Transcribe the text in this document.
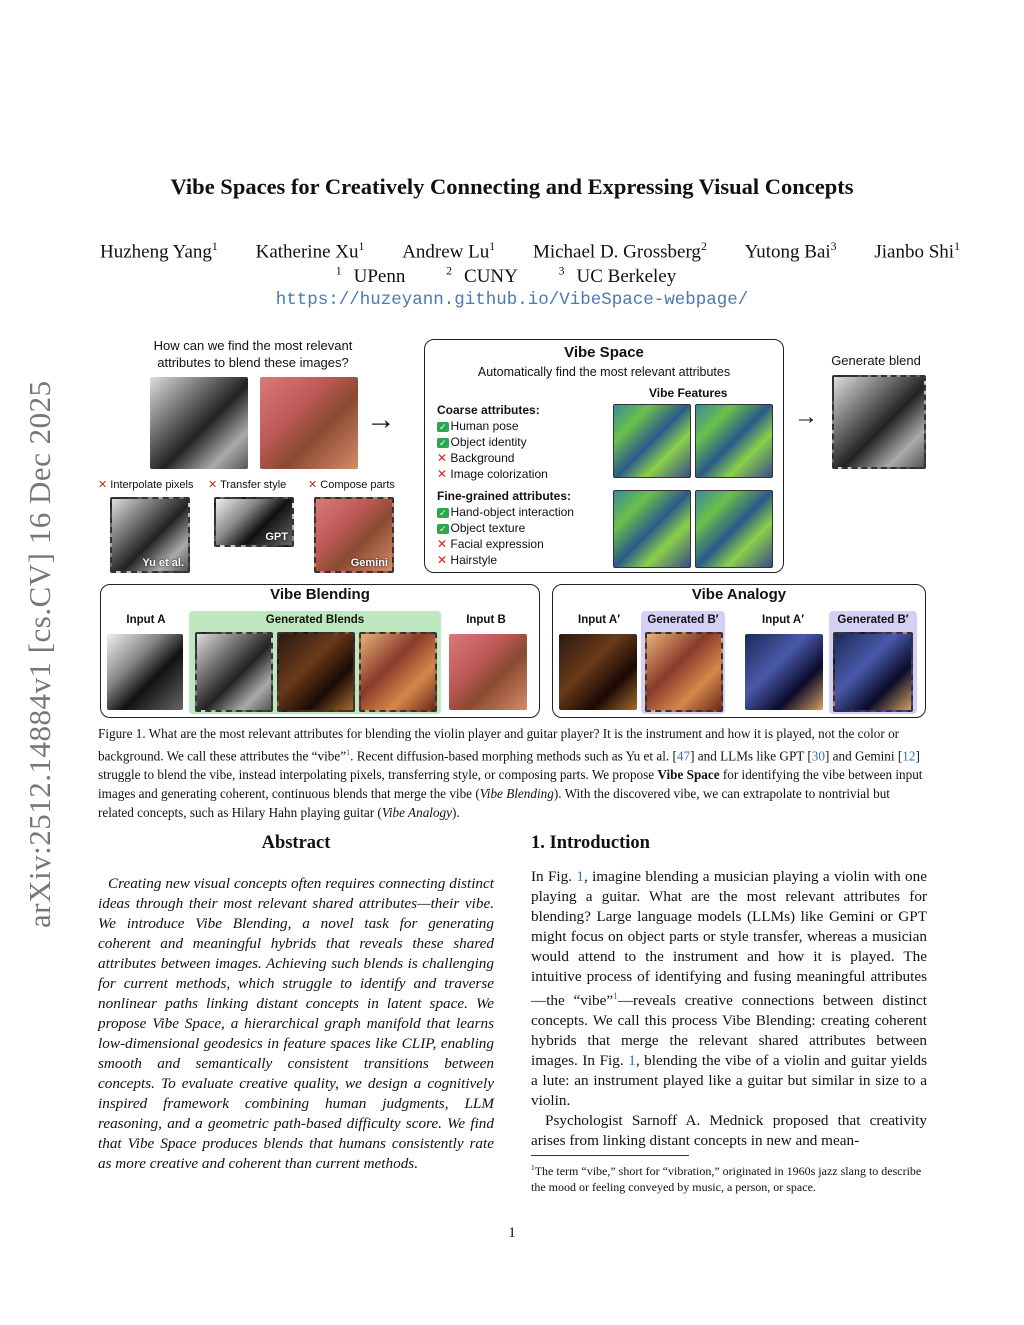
arXiv:2512.14884v1 [cs.CV] 16 Dec 2025
Vibe Spaces for Creatively Connecting and Expressing Visual Concepts
Huzheng Yang$^1$ Katherine Xu$^1$ Andrew Lu$^1$ Michael D. Grossberg$^2$ Yutong Bai$^3$ Jianbo Shi$^1$
$^1$ UPenn	$^2$ CUNY	$^3$ UC Berkeley
https://huzeyann.github.io/VibeSpace-webpage/
How can we find the most relevant attributes to blend these images?
→
✕ Interpolate pixels ✕ Transfer style ✕ Compose parts
Yu et al.
GPT
Gemini
Vibe Space
Automatically find the most relevant attributes
Vibe Features
Coarse attributes:
✓ Human pose
✓ Object identity
✕ Background
✕ Image colorization
Fine-grained attributes:
✓ Hand-object interaction
✓ Object texture
✕ Facial expression
✕ Hairstyle
→
Generate blend
Vibe Blending
Input A	Generated Blends	Input B
Vibe Analogy
Input A′	Generated B′	Input A′	Generated B′
Figure 1. What are the most relevant attributes for blending the violin player and guitar player? It is the instrument and how it is played, not the color or background. We call these attributes the “vibe”$^1$. Recent diffusion-based morphing methods such as Yu et al. [47] and LLMs like GPT [30] and Gemini [12] struggle to blend the vibe, instead interpolating pixels, transferring style, or composing parts. We propose Vibe Space for identifying the vibe between input images and generating coherent, continuous blends that merge the vibe (Vibe Blending). With the discovered vibe, we can extrapolate to nontrivial but related concepts, such as Hilary Hahn playing guitar (Vibe Analogy).
Abstract
Creating new visual concepts often requires connecting distinct ideas through their most relevant shared attributes—their vibe. We introduce Vibe Blending, a novel task for generating coherent and meaningful hybrids that reveals these shared attributes between images. Achieving such blends is challenging for current methods, which struggle to identify and traverse nonlinear paths linking distant concepts in latent space. We propose Vibe Space, a hierarchical graph manifold that learns low-dimensional geodesics in feature spaces like CLIP, enabling smooth and semantically consistent transitions between concepts. To evaluate creative quality, we design a cognitively inspired framework combining human judgments, LLM reasoning, and a geometric path-based difficulty score. We find that Vibe Space produces blends that humans consistently rate as more creative and coherent than current methods.
1. Introduction

In Fig. 1, imagine blending a musician playing a violin with one playing a guitar. What are the most relevant attributes for blending? Large language models (LLMs) like Gemini or GPT might focus on object parts or style transfer, whereas a musician would attend to the instrument and how it is played. The intuitive process of identifying and fusing meaningful attributes—the “vibe”$^1$—reveals creative connections between distinct concepts. We call this process Vibe Blending: creating coherent hybrids that merge the relevant shared attributes between images. In Fig. 1, blending the vibe of a violin and guitar yields a lute: an instrument played like a guitar but similar in size to a violin.

Psychologist Sarnoff A. Mednick proposed that creativity arises from linking distant concepts in new and mean-

$^1$The term “vibe,” short for “vibration,” originated in 1960s jazz slang to describe the mood or feeling conveyed by music, a person, or space.
1
